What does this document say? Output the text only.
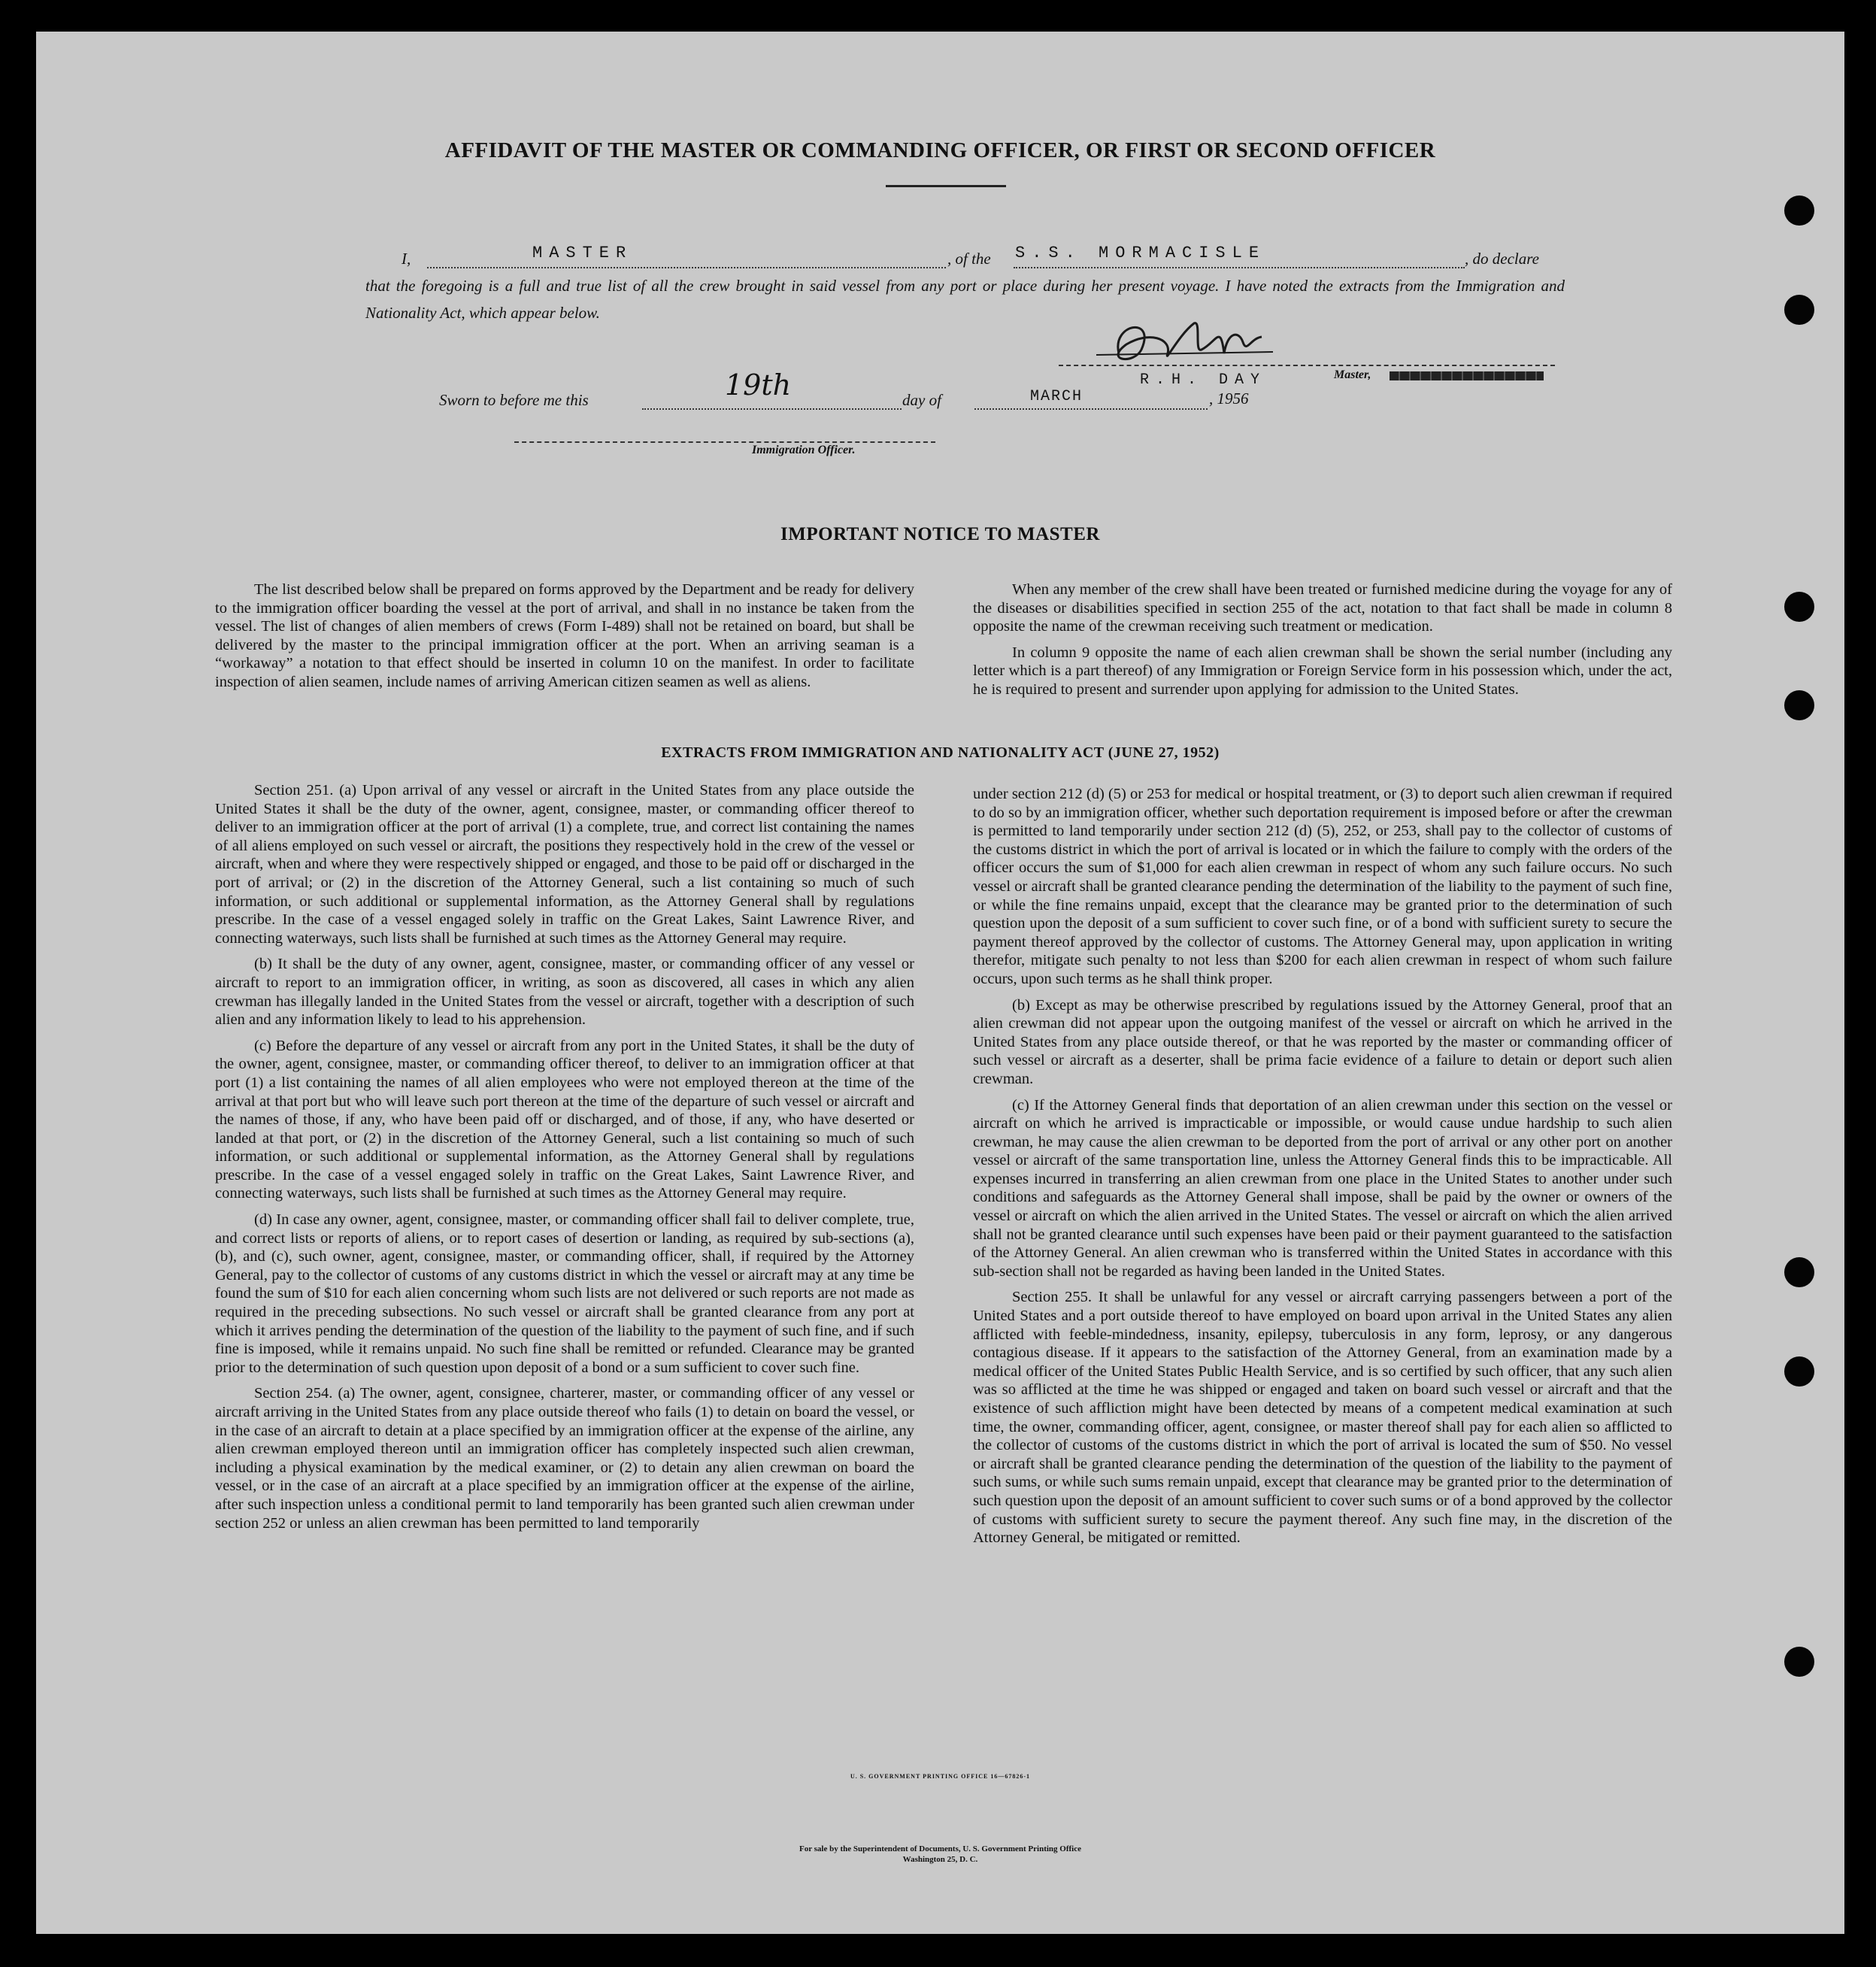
AFFIDAVIT OF THE MASTER OR COMMANDING OFFICER, OR FIRST OR SECOND OFFICER
I,	MASTER	, of the S.S. MORMACISLE	, do declare
that the foregoing is a full and true list of all the crew brought in said vessel from any port or place during her present voyage. I have noted the extracts from the Immigration and Nationality Act, which appear below.
R.H. DAY	Master,
Sworn to before me this	19th	day of	MARCH	, 1956
Immigration Officer.
IMPORTANT NOTICE TO MASTER

The list described below shall be prepared on forms approved by the Department and be ready for delivery to the immigration officer boarding the vessel at the port of arrival, and shall in no instance be taken from the vessel. The list of changes of alien members of crews (Form I-489) shall not be retained on board, but shall be delivered by the master to the principal immigration officer at the port. When an arriving seaman is a “workaway” a notation to that effect should be inserted in column 10 on the manifest. In order to facilitate inspection of alien seamen, include names of arriving American citizen seamen as well as aliens.

When any member of the crew shall have been treated or furnished medicine during the voyage for any of the diseases or disabilities specified in section 255 of the act, notation to that fact shall be made in column 8 opposite the name of the crewman receiving such treatment or medication.

In column 9 opposite the name of each alien crewman shall be shown the serial number (including any letter which is a part thereof) of any Immigration or Foreign Service form in his possession which, under the act, he is required to present and surrender upon applying for admission to the United States.

EXTRACTS FROM IMMIGRATION AND NATIONALITY ACT (JUNE 27, 1952)

Section 251. (a) Upon arrival of any vessel or aircraft in the United States from any place outside the United States it shall be the duty of the owner, agent, consignee, master, or commanding officer thereof to deliver to an immigration officer at the port of arrival (1) a complete, true, and correct list containing the names of all aliens employed on such vessel or aircraft, the positions they respectively hold in the crew of the vessel or aircraft, when and where they were respectively shipped or engaged, and those to be paid off or discharged in the port of arrival; or (2) in the discretion of the Attorney General, such a list containing so much of such information, or such additional or supplemental information, as the Attorney General shall by regulations prescribe. In the case of a vessel engaged solely in traffic on the Great Lakes, Saint Lawrence River, and connecting waterways, such lists shall be furnished at such times as the Attorney General may require.

(b) It shall be the duty of any owner, agent, consignee, master, or commanding officer of any vessel or aircraft to report to an immigration officer, in writing, as soon as discovered, all cases in which any alien crewman has illegally landed in the United States from the vessel or aircraft, together with a description of such alien and any information likely to lead to his apprehension.

(c) Before the departure of any vessel or aircraft from any port in the United States, it shall be the duty of the owner, agent, consignee, master, or commanding officer thereof, to deliver to an immigration officer at that port (1) a list containing the names of all alien employees who were not employed thereon at the time of the arrival at that port but who will leave such port thereon at the time of the departure of such vessel or aircraft and the names of those, if any, who have been paid off or discharged, and of those, if any, who have deserted or landed at that port, or (2) in the discretion of the Attorney General, such a list containing so much of such information, or such additional or supplemental information, as the Attorney General shall by regulations prescribe. In the case of a vessel engaged solely in traffic on the Great Lakes, Saint Lawrence River, and connecting waterways, such lists shall be furnished at such times as the Attorney General may require.

(d) In case any owner, agent, consignee, master, or commanding officer shall fail to deliver complete, true, and correct lists or reports of aliens, or to report cases of desertion or landing, as required by sub-sections (a), (b), and (c), such owner, agent, consignee, master, or commanding officer, shall, if required by the Attorney General, pay to the collector of customs of any customs district in which the vessel or aircraft may at any time be found the sum of $10 for each alien concerning whom such lists are not delivered or such reports are not made as required in the preceding subsections. No such vessel or aircraft shall be granted clearance from any port at which it arrives pending the determination of the question of the liability to the payment of such fine, and if such fine is imposed, while it remains unpaid. No such fine shall be remitted or refunded. Clearance may be granted prior to the determination of such question upon deposit of a bond or a sum sufficient to cover such fine.

Section 254. (a) The owner, agent, consignee, charterer, master, or commanding officer of any vessel or aircraft arriving in the United States from any place outside thereof who fails (1) to detain on board the vessel, or in the case of an aircraft to detain at a place specified by an immigration officer at the expense of the airline, any alien crewman employed thereon until an immigration officer has completely inspected such alien crewman, including a physical examination by the medical examiner, or (2) to detain any alien crewman on board the vessel, or in the case of an aircraft at a place specified by an immigration officer at the expense of the airline, after such inspection unless a conditional permit to land temporarily has been granted such alien crewman under section 252 or unless an alien crewman has been permitted to land temporarily

under section 212 (d) (5) or 253 for medical or hospital treatment, or (3) to deport such alien crewman if required to do so by an immigration officer, whether such deportation requirement is imposed before or after the crewman is permitted to land temporarily under section 212 (d) (5), 252, or 253, shall pay to the collector of customs of the customs district in which the port of arrival is located or in which the failure to comply with the orders of the officer occurs the sum of $1,000 for each alien crewman in respect of whom any such failure occurs. No such vessel or aircraft shall be granted clearance pending the determination of the liability to the payment of such fine, or while the fine remains unpaid, except that the clearance may be granted prior to the determination of such question upon the deposit of a sum sufficient to cover such fine, or of a bond with sufficient surety to secure the payment thereof approved by the collector of customs. The Attorney General may, upon application in writing therefor, mitigate such penalty to not less than $200 for each alien crewman in respect of whom such failure occurs, upon such terms as he shall think proper.

(b) Except as may be otherwise prescribed by regulations issued by the Attorney General, proof that an alien crewman did not appear upon the outgoing manifest of the vessel or aircraft on which he arrived in the United States from any place outside thereof, or that he was reported by the master or commanding officer of such vessel or aircraft as a deserter, shall be prima facie evidence of a failure to detain or deport such alien crewman.

(c) If the Attorney General finds that deportation of an alien crewman under this section on the vessel or aircraft on which he arrived is impracticable or impossible, or would cause undue hardship to such alien crewman, he may cause the alien crewman to be deported from the port of arrival or any other port on another vessel or aircraft of the same transportation line, unless the Attorney General finds this to be impracticable. All expenses incurred in transferring an alien crewman from one place in the United States to another under such conditions and safeguards as the Attorney General shall impose, shall be paid by the owner or owners of the vessel or aircraft on which the alien arrived in the United States. The vessel or aircraft on which the alien arrived shall not be granted clearance until such expenses have been paid or their payment guaranteed to the satisfaction of the Attorney General. An alien crewman who is transferred within the United States in accordance with this sub-section shall not be regarded as having been landed in the United States.

Section 255. It shall be unlawful for any vessel or aircraft carrying passengers between a port of the United States and a port outside thereof to have employed on board upon arrival in the United States any alien afflicted with feeble-mindedness, insanity, epilepsy, tuberculosis in any form, leprosy, or any dangerous contagious disease. If it appears to the satisfaction of the Attorney General, from an examination made by a medical officer of the United States Public Health Service, and is so certified by such officer, that any such alien was so afflicted at the time he was shipped or engaged and taken on board such vessel or aircraft and that the existence of such affliction might have been detected by means of a competent medical examination at such time, the owner, commanding officer, agent, consignee, or master thereof shall pay for each alien so afflicted to the collector of customs of the customs district in which the port of arrival is located the sum of $50. No vessel or aircraft shall be granted clearance pending the determination of the question of the liability to the payment of such sums, or while such sums remain unpaid, except that clearance may be granted prior to the determination of such question upon the deposit of an amount sufficient to cover such sums or of a bond approved by the collector of customs with sufficient surety to secure the payment thereof. Any such fine may, in the discretion of the Attorney General, be mitigated or remitted.

U. S. GOVERNMENT PRINTING OFFICE 16—67826-1
For sale by the Superintendent of Documents, U. S. Government Printing Office
Washington 25, D. C.
